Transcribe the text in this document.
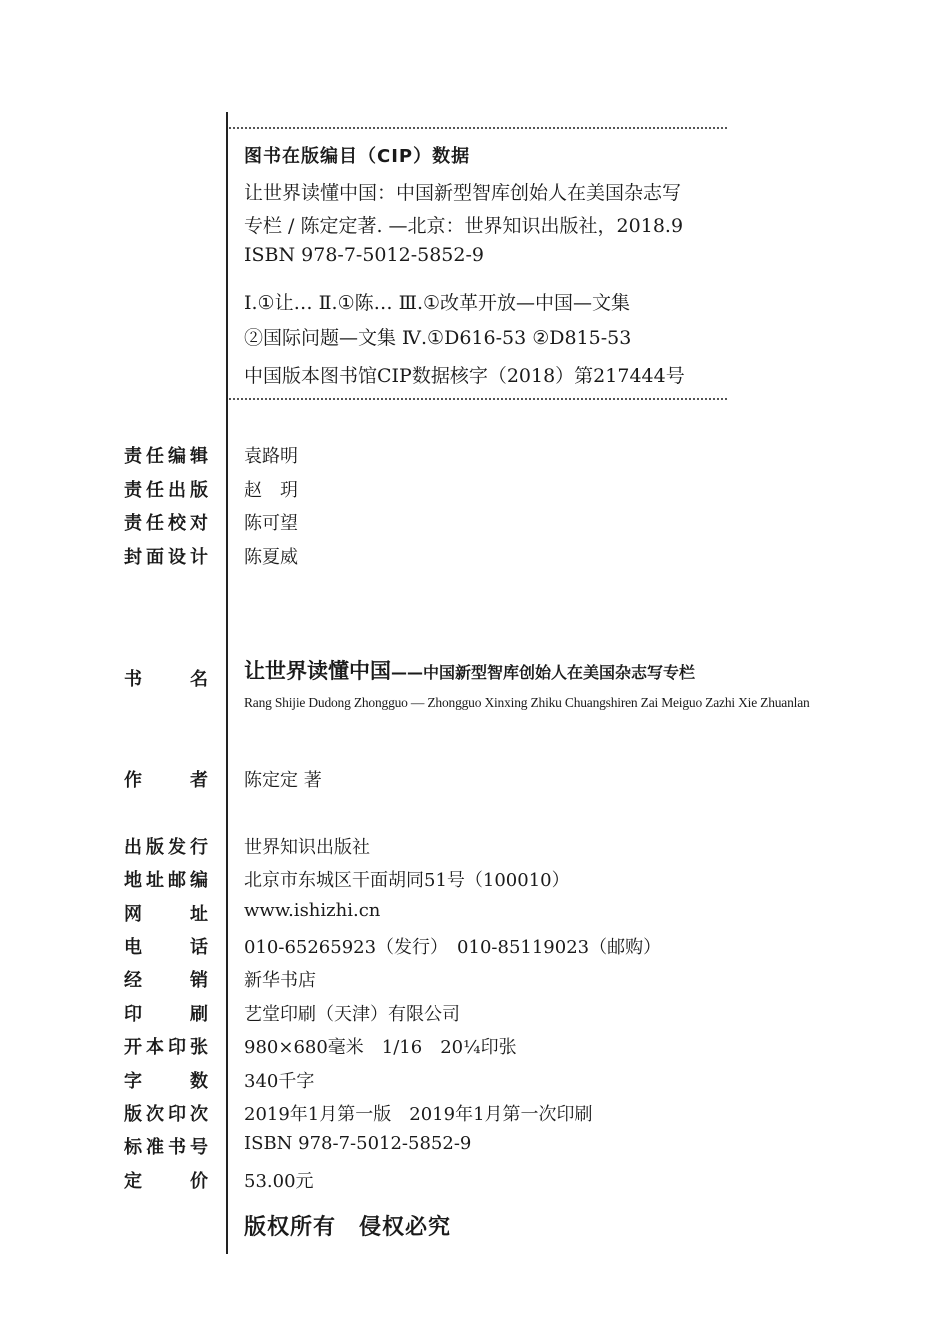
图书在版编目（CIP）数据
让世界读懂中国：中国新型智库创始人在美国杂志写
专栏 / 陈定定著. —北京：世界知识出版社，2018.9
ISBN 978-7-5012-5852-9
Ⅰ.①让… Ⅱ.①陈… Ⅲ.①改革开放—中国—文集
②国际问题—文集 Ⅳ.①D616-53 ②D815-53
中国版本图书馆CIP数据核字（2018）第217444号
责任编辑 袁路明
责任出版 赵　玥
责任校对 陈可望
封面设计 陈夏威
书名 让世界读懂中国——中国新型智库创始人在美国杂志写专栏
Rang Shijie Dudong Zhongguo — Zhongguo Xinxing Zhiku Chuangshiren Zai Meiguo Zazhi Xie Zhuanlan
作者 陈定定 著
出版发行 世界知识出版社
地址邮编 北京市东城区干面胡同51号（100010）
网址 www.ishizhi.cn
电话 010-65265923（发行）　010-85119023（邮购）
经销 新华书店
印刷 艺堂印刷（天津）有限公司
开本印张 980×680毫米　1/16　20¼印张
字数 340千字
版次印次 2019年1月第一版　2019年1月第一次印刷
标准书号 ISBN 978-7-5012-5852-9
定价 53.00元
版权所有　侵权必究
